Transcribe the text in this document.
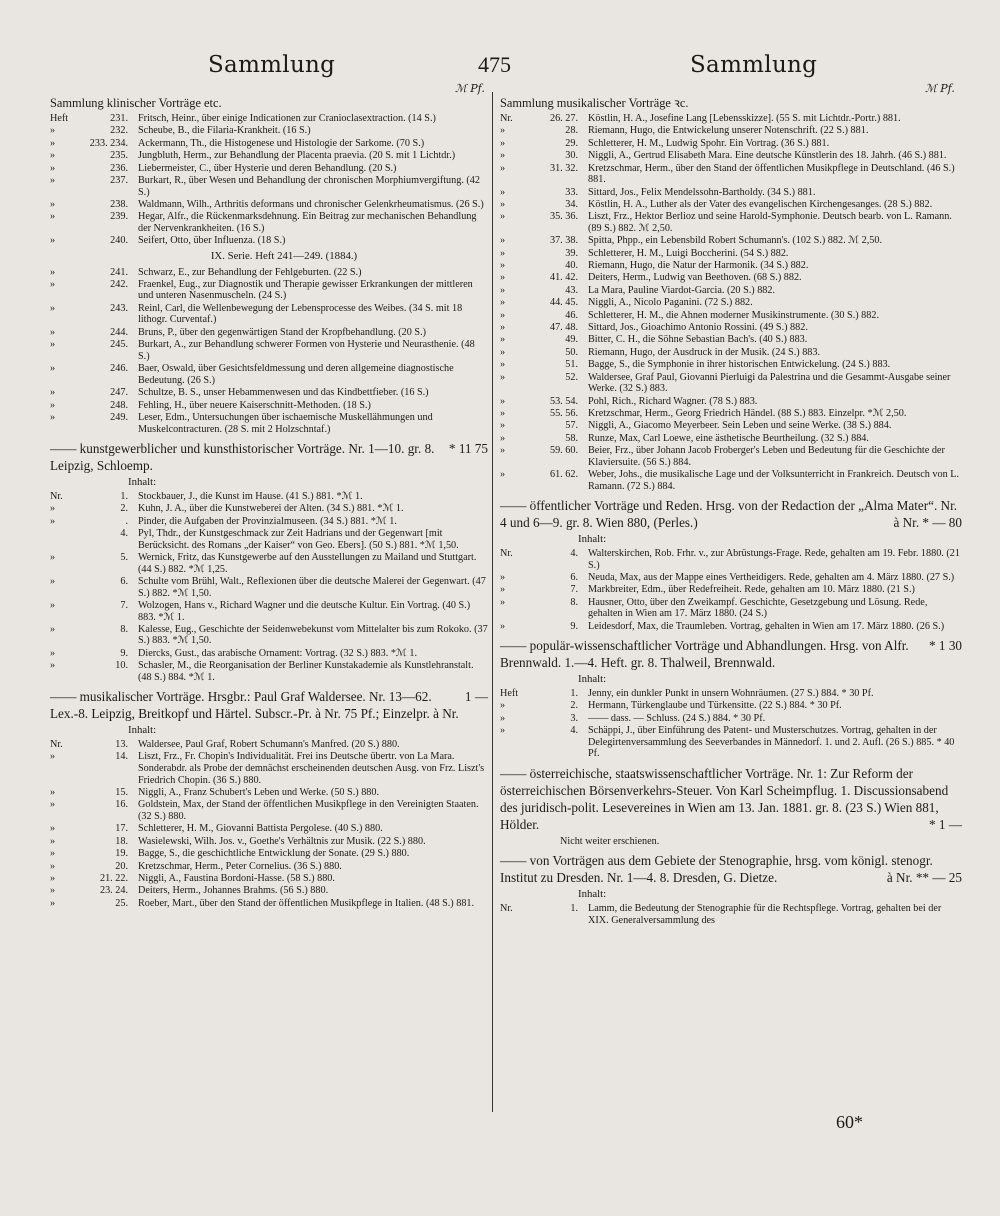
Sammlung	475	Sammlung
ℳ Pf.	ℳ Pf.
Sammlung klinischer Vorträge etc.
Heft	231. Fritsch, Heinr., über einige Indicationen zur Cranioclasextraction. (14 S.)
»	232. Scheube, B., die Filaria-Krankheit. (16 S.)
»	233. 234. Ackermann, Th., die Histogenese und Histologie der Sarkome. (70 S.)
»	235. Jungbluth, Herm., zur Behandlung der Placenta praevia. (20 S. mit 1 Lichtdr.)
»	236. Liebermeister, C., über Hysterie und deren Behandlung. (20 S.)
»	237. Burkart, R., über Wesen und Behandlung der chronischen Morphiumvergiftung. (42 S.)
»	238. Waldmann, Wilh., Arthritis deformans und chronischer Gelenkrheumatismus. (26 S.)
»	239. Hegar, Alfr., die Rückenmarksdehnung. Ein Beitrag zur mechanischen Behandlung der Nervenkrankheiten. (16 S.)
»	240. Seifert, Otto, über Influenza. (18 S.)
IX. Serie. Heft 241—249. (1884.)
»	241. Schwarz, E., zur Behandlung der Fehlgeburten. (22 S.)
»	242. Fraenkel, Eug., zur Diagnostik und Therapie gewisser Erkrankungen der mittleren und unteren Nasenmuscheln. (24 S.)
»	243. Reinl, Carl, die Wellenbewegung der Lebensprocesse des Weibes. (34 S. mit 18 lithogr. Curventaf.)
»	244. Bruns, P., über den gegenwärtigen Stand der Kropfbehandlung. (20 S.)
»	245. Burkart, A., zur Behandlung schwerer Formen von Hysterie und Neurasthenie. (48 S.)
»	246. Baer, Oswald, über Gesichtsfeldmessung und deren allgemeine diagnostische Bedeutung. (26 S.)
»	247. Schultze, B. S., unser Hebammenwesen und das Kindbettfieber. (16 S.)
»	248. Fehling, H., über neuere Kaiserschnitt-Methoden. (18 S.)
»	249. Leser, Edm., Untersuchungen über ischaemische Muskellähmungen und Muskelcontracturen. (28 S. mit 2 Holzschntaf.)
* 11 75
—— kunstgewerblicher und kunsthistorischer Vorträge. Nr. 1—10. gr. 8. Leipzig, Schloemp.
Inhalt:
Nr.	1. Stockbauer, J., die Kunst im Hause. (41 S.) 881. *ℳ 1.
»	2. Kuhn, J. A., über die Kunstweberei der Alten. (34 S.) 881. *ℳ 1.
»	. Pinder, die Aufgaben der Provinzialmuseen. (34 S.) 881. *ℳ 1.
4. Pyl, Thdr., der Kunstgeschmack zur Zeit Hadrians und der Gegenwart [mit Berücksicht. des Romans „der Kaiser“ von Geo. Ebers]. (50 S.) 881. *ℳ 1,50.
»	5. Wernick, Fritz, das Kunstgewerbe auf den Ausstellungen zu Mailand und Stuttgart. (44 S.) 882. *ℳ 1,25.
»	6. Schulte vom Brühl, Walt., Reflexionen über die deutsche Malerei der Gegenwart. (47 S.) 882. *ℳ 1,50.
»	7. Wolzogen, Hans v., Richard Wagner und die deutsche Kultur. Ein Vortrag. (40 S.) 883. *ℳ 1.
»	8. Kalesse, Eug., Geschichte der Seidenwebekunst vom Mittelalter bis zum Rokoko. (37 S.) 883. *ℳ 1,50.
»	9. Diercks, Gust., das arabische Ornament: Vortrag. (32 S.) 883. *ℳ 1.
»	10. Schasler, M., die Reorganisation der Berliner Kunstakademie als Kunstlehranstalt. (48 S.) 884. *ℳ 1.
1 —
—— musikalischer Vorträge. Hrsgbr.: Paul Graf Waldersee. Nr. 13—62. Lex.-8. Leipzig, Breitkopf und Härtel. Subscr.-Pr. à Nr. 75 Pf.; Einzelpr. à Nr.
Inhalt:
Nr.	13. Waldersee, Paul Graf, Robert Schumann's Manfred. (20 S.) 880.
»	14. Liszt, Frz., Fr. Chopin's Individualität. Frei ins Deutsche übertr. von La Mara. Sonderabdr. als Probe der demnächst erscheinenden deutschen Ausg. von Frz. Liszt's Friedrich Chopin. (36 S.) 880.
»	15. Niggli, A., Franz Schubert's Leben und Werke. (50 S.) 880.
»	16. Goldstein, Max, der Stand der öffentlichen Musikpflege in den Vereinigten Staaten. (32 S.) 880.
»	17. Schletterer, H. M., Giovanni Battista Pergolese. (40 S.) 880.
»	18. Wasielewski, Wilh. Jos. v., Goethe's Verhältnis zur Musik. (22 S.) 880.
»	19. Bagge, S., die geschichtliche Entwicklung der Sonate. (29 S.) 880.
»	20. Kretzschmar, Herm., Peter Cornelius. (36 S.) 880.
»	21. 22. Niggli, A., Faustina Bordoni-Hasse. (58 S.) 880.
»	23. 24. Deiters, Herm., Johannes Brahms. (56 S.) 880.
»	25. Roeber, Mart., über den Stand der öffentlichen Musikpflege in Italien. (48 S.) 881.
Sammlung musikalischer Vorträge ꝛc.
Nr.	26. 27. Köstlin, H. A., Josefine Lang [Lebensskizze]. (55 S. mit Lichtdr.-Portr.) 881.
»	28. Riemann, Hugo, die Entwickelung unserer Notenschrift. (22 S.) 881.
»	29. Schletterer, H. M., Ludwig Spohr. Ein Vortrag. (36 S.) 881.
»	30. Niggli, A., Gertrud Elisabeth Mara. Eine deutsche Künstlerin des 18. Jahrh. (46 S.) 881.
»	31. 32. Kretzschmar, Herm., über den Stand der öffentlichen Musikpflege in Deutschland. (46 S.) 881.
»	33. Sittard, Jos., Felix Mendelssohn-Bartholdy. (34 S.) 881.
»	34. Köstlin, H. A., Luther als der Vater des evangelischen Kirchengesanges. (28 S.) 882.
»	35. 36. Liszt, Frz., Hektor Berlioz und seine Harold-Symphonie. Deutsch bearb. von L. Ramann. (89 S.) 882. ℳ 2,50.
»	37. 38. Spitta, Phpp., ein Lebensbild Robert Schumann's. (102 S.) 882. ℳ 2,50.
»	39. Schletterer, H. M., Luigi Boccherini. (54 S.) 882.
»	40. Riemann, Hugo, die Natur der Harmonik. (34 S.) 882.
»	41. 42. Deiters, Herm., Ludwig van Beethoven. (68 S.) 882.
»	43. La Mara, Pauline Viardot-Garcia. (20 S.) 882.
»	44. 45. Niggli, A., Nicolo Paganini. (72 S.) 882.
»	46. Schletterer, H. M., die Ahnen moderner Musikinstrumente. (30 S.) 882.
»	47. 48. Sittard, Jos., Gioachimo Antonio Rossini. (49 S.) 882.
»	49. Bitter, C. H., die Söhne Sebastian Bach's. (40 S.) 883.
»	50. Riemann, Hugo, der Ausdruck in der Musik. (24 S.) 883.
»	51. Bagge, S., die Symphonie in ihrer historischen Entwickelung. (24 S.) 883.
»	52. Waldersee, Graf Paul, Giovanni Pierluigi da Palestrina und die Gesammt-Ausgabe seiner Werke. (32 S.) 883.
»	53. 54. Pohl, Rich., Richard Wagner. (78 S.) 883.
»	55. 56. Kretzschmar, Herm., Georg Friedrich Händel. (88 S.) 883. Einzelpr. *ℳ 2,50.
»	57. Niggli, A., Giacomo Meyerbeer. Sein Leben und seine Werke. (38 S.) 884.
»	58. Runze, Max, Carl Loewe, eine ästhetische Beurtheilung. (32 S.) 884.
»	59. 60. Beier, Frz., über Johann Jacob Froberger's Leben und Bedeutung für die Geschichte der Klaviersuite. (56 S.) 884.
»	61. 62. Weber, Johs., die musikalische Lage und der Volksunterricht in Frankreich. Deutsch von L. Ramann. (72 S.) 884.
—— öffentlicher Vorträge und Reden. Hrsg. von der Redaction der „Alma Mater“. Nr. 4 und 6—9. gr. 8. Wien 880, (Perles.)	à Nr. * — 80
Inhalt:
Nr.	4. Walterskirchen, Rob. Frhr. v., zur Abrüstungs-Frage. Rede, gehalten am 19. Febr. 1880. (21 S.)
»	6. Neuda, Max, aus der Mappe eines Vertheidigers. Rede, gehalten am 4. März 1880. (27 S.)
»	7. Markbreiter, Edm., über Redefreiheit. Rede, gehalten am 10. März 1880. (21 S.)
»	8. Hausner, Otto, über den Zweikampf. Geschichte, Gesetzgebung und Lösung. Rede, gehalten in Wien am 17. März 1880. (24 S.)
»	9. Leidesdorf, Max, die Traumleben. Vortrag, gehalten in Wien am 17. März 1880. (26 S.)
* 1 30
—— populär-wissenschaftlicher Vorträge und Abhandlungen. Hrsg. von Alfr. Brennwald. 1.—4. Heft. gr. 8. Thalweil, Brennwald.
Inhalt:
Heft	1. Jenny, ein dunkler Punkt in unsern Wohnräumen. (27 S.) 884. * 30 Pf.
»	2. Hermann, Türkenglaube und Türkensitte. (22 S.) 884. * 30 Pf.
»	3. —— dass. — Schluss. (24 S.) 884. * 30 Pf.
»	4. Schäppi, J., über Einführung des Patent- und Musterschutzes. Vortrag, gehalten in der Delegirtenversammlung des Seeverbandes in Männedorf. 1. und 2. Aufl. (26 S.) 885. * 40 Pf.
—— österreichische, staatswissenschaftlicher Vorträge. Nr. 1: Zur Reform der österreichischen Börsenverkehrs-Steuer. Von Karl Scheimpflug. 1. Discussionsabend des juridisch-polit. Lesevereines in Wien am 13. Jan. 1881. gr. 8. (23 S.) Wien 881, Hölder.	* 1 —
Nicht weiter erschienen.
—— von Vorträgen aus dem Gebiete der Stenographie, hrsg. vom königl. stenogr. Institut zu Dresden. Nr. 1—4. 8. Dresden, G. Dietze.	à Nr. ** — 25
Inhalt:
Nr.	1. Lamm, die Bedeutung der Stenographie für die Rechtspflege. Vortrag, gehalten bei der XIX. Generalversammlung des
60*
